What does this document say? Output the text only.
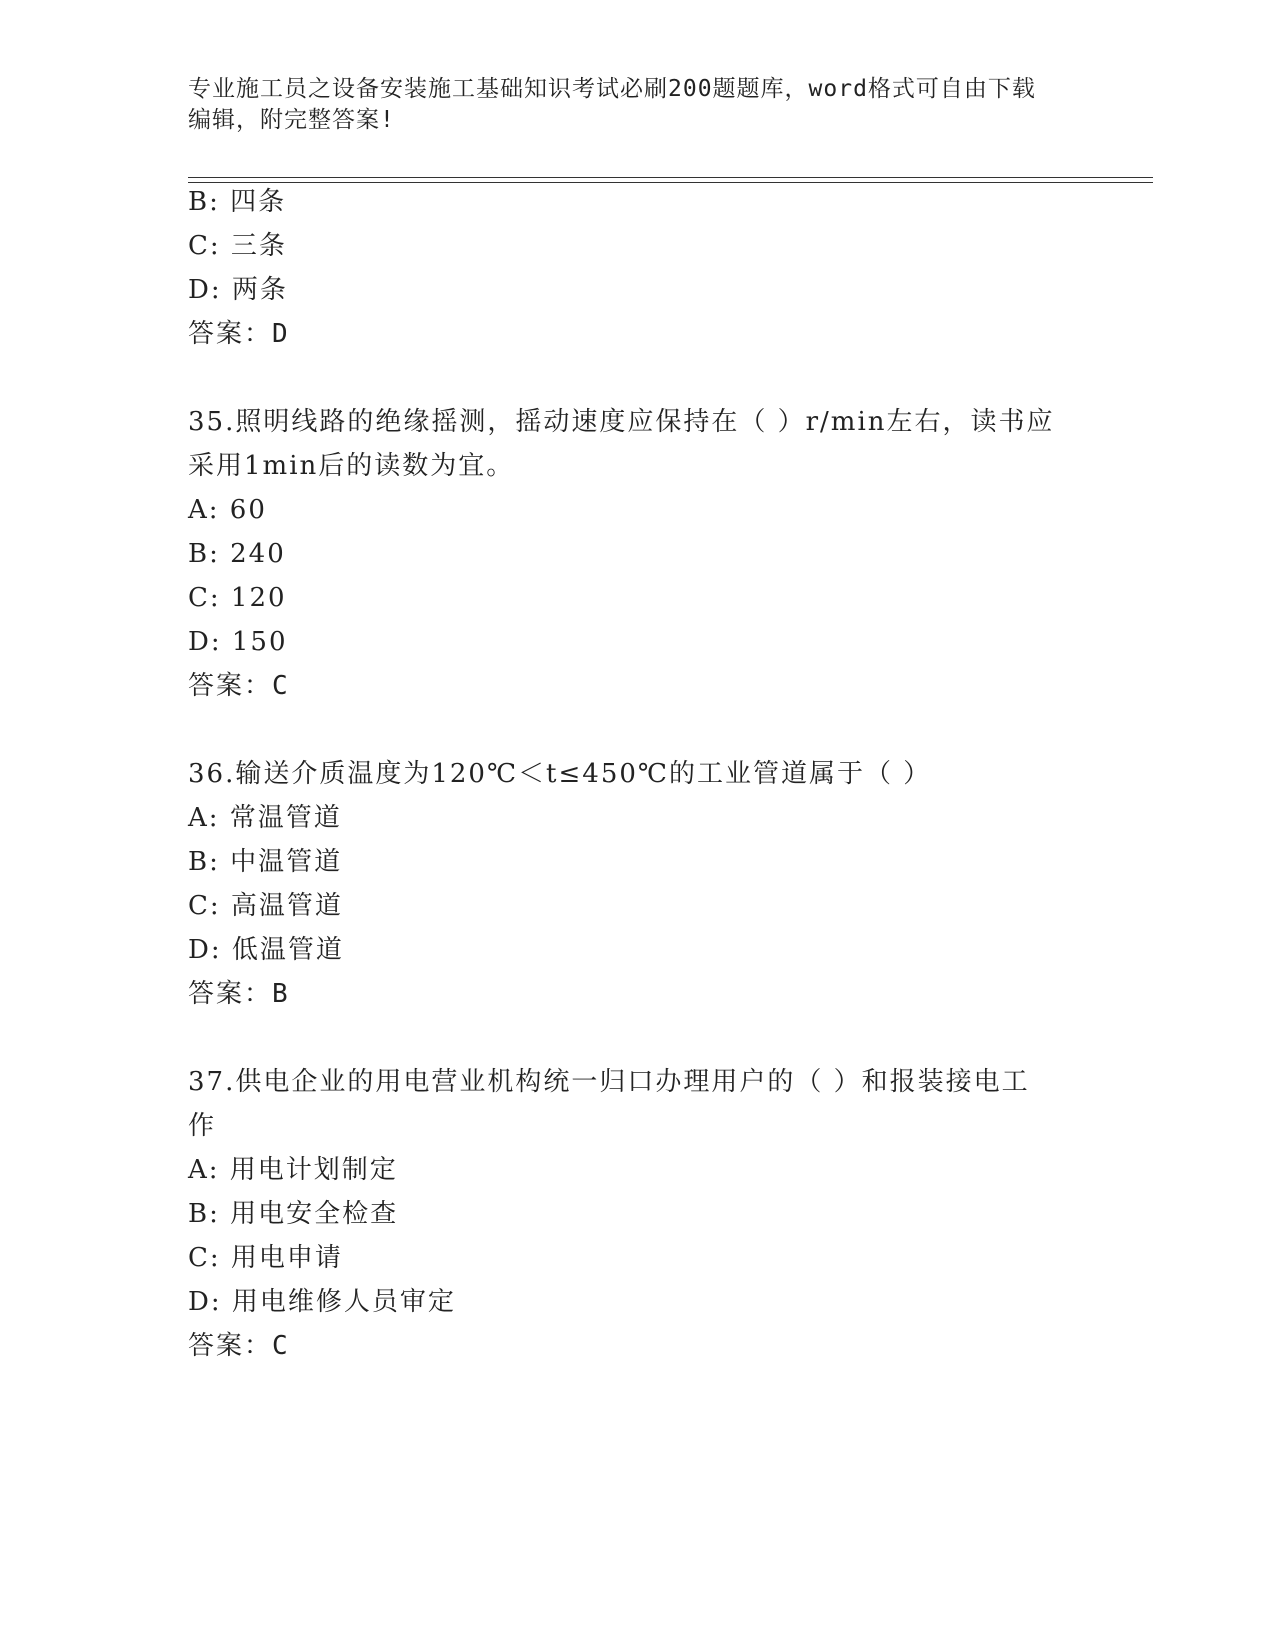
专业施工员之设备安装施工基础知识考试必刷200题题库，word格式可自由下载
编辑，附完整答案!
B: 四条
C: 三条
D: 两条
答案：D
35.照明线路的绝缘摇测，摇动速度应保持在（ ）r/min左右，读书应
采用1min后的读数为宜。
A: 60
B: 240
C: 120
D: 150
答案：C
36.输送介质温度为120℃＜t≤450℃的工业管道属于（ ）
A: 常温管道
B: 中温管道
C: 高温管道
D: 低温管道
答案：B
37.供电企业的用电营业机构统一归口办理用户的（ ）和报装接电工
作
A: 用电计划制定
B: 用电安全检查
C: 用电申请
D: 用电维修人员审定
答案：C
